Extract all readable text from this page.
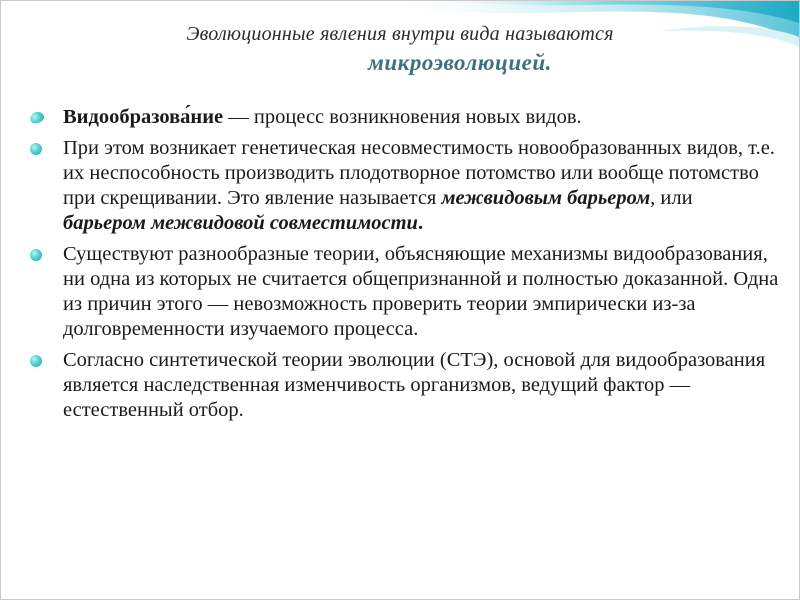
Эволюционные явления внутри вида называются
микроэволюцией.
Видообразова́ние — процесс возникновения новых видов.
При этом возникает генетическая несовместимость новообразованных видов, т.е. их неспособность производить плодотворное потомство или вообще потомство при скрещивании. Это явление называется межвидовым барьером, или барьером межвидовой совместимости.
Существуют разнообразные теории, объясняющие механизмы видообразования, ни одна из которых не считается общепризнанной и полностью доказанной. Одна из причин этого — невозможность проверить теории эмпирически из-за долговременности изучаемого процесса.
Согласно синтетической теории эволюции (СТЭ), основой для видообразования является наследственная изменчивость организмов, ведущий фактор — естественный отбор.
